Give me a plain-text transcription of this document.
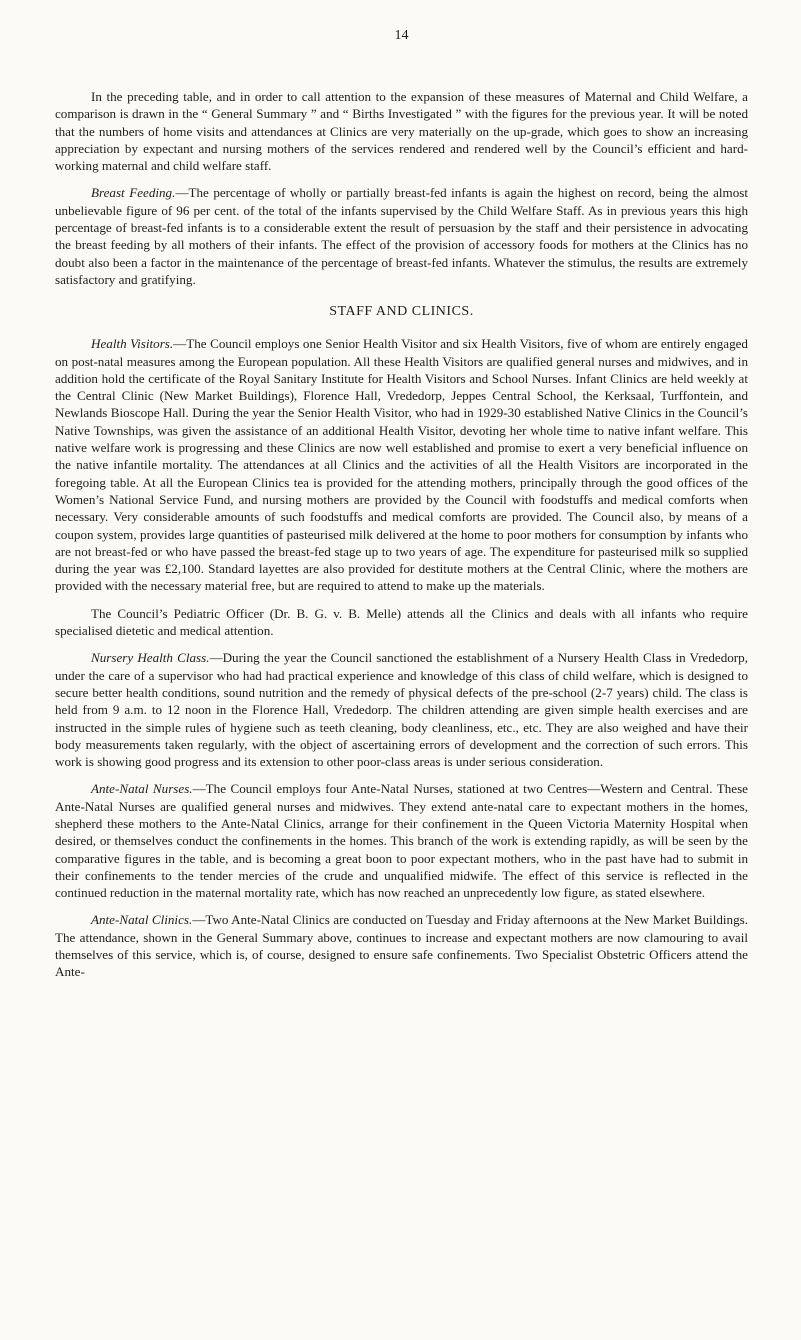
14

In the preceding table, and in order to call attention to the expansion of these measures of Maternal and Child Welfare, a comparison is drawn in the “ General Summary ” and “ Births Investigated ” with the figures for the previous year. It will be noted that the numbers of home visits and attendances at Clinics are very materially on the up-grade, which goes to show an increasing appreciation by expectant and nursing mothers of the services rendered and rendered well by the Council’s efficient and hard-working maternal and child welfare staff.

Breast Feeding.—The percentage of wholly or partially breast-fed infants is again the highest on record, being the almost unbelievable figure of 96 per cent. of the total of the infants supervised by the Child Welfare Staff. As in previous years this high percentage of breast-fed infants is to a considerable extent the result of persuasion by the staff and their persistence in advocating the breast feeding by all mothers of their infants. The effect of the provision of accessory foods for mothers at the Clinics has no doubt also been a factor in the maintenance of the percentage of breast-fed infants. Whatever the stimulus, the results are extremely satisfactory and gratifying.

STAFF AND CLINICS.

Health Visitors.—The Council employs one Senior Health Visitor and six Health Visitors, five of whom are entirely engaged on post-natal measures among the European population. All these Health Visitors are qualified general nurses and midwives, and in addition hold the certificate of the Royal Sanitary Institute for Health Visitors and School Nurses. Infant Clinics are held weekly at the Central Clinic (New Market Buildings), Florence Hall, Vrededorp, Jeppes Central School, the Kerksaal, Turffontein, and Newlands Bioscope Hall. During the year the Senior Health Visitor, who had in 1929-30 established Native Clinics in the Council’s Native Townships, was given the assistance of an additional Health Visitor, devoting her whole time to native infant welfare. This native welfare work is progressing and these Clinics are now well established and promise to exert a very beneficial influence on the native infantile mortality. The attendances at all Clinics and the activities of all the Health Visitors are incorporated in the foregoing table. At all the European Clinics tea is provided for the attending mothers, principally through the good offices of the Women’s National Service Fund, and nursing mothers are provided by the Council with foodstuffs and medical comforts when necessary. Very considerable amounts of such foodstuffs and medical comforts are provided. The Council also, by means of a coupon system, provides large quantities of pasteurised milk delivered at the home to poor mothers for consumption by infants who are not breast-fed or who have passed the breast-fed stage up to two years of age. The expenditure for pasteurised milk so supplied during the year was £2,100. Standard layettes are also provided for destitute mothers at the Central Clinic, where the mothers are provided with the necessary material free, but are required to attend to make up the materials.

The Council’s Pediatric Officer (Dr. B. G. v. B. Melle) attends all the Clinics and deals with all infants who require specialised dietetic and medical attention.

Nursery Health Class.—During the year the Council sanctioned the establishment of a Nursery Health Class in Vrededorp, under the care of a supervisor who had had practical experience and knowledge of this class of child welfare, which is designed to secure better health conditions, sound nutrition and the remedy of physical defects of the pre-school (2-7 years) child. The class is held from 9 a.m. to 12 noon in the Florence Hall, Vrededorp. The children attending are given simple health exercises and are instructed in the simple rules of hygiene such as teeth cleaning, body cleanliness, etc., etc. They are also weighed and have their body measurements taken regularly, with the object of ascertaining errors of development and the correction of such errors. This work is showing good progress and its extension to other poor-class areas is under serious consideration.

Ante-Natal Nurses.—The Council employs four Ante-Natal Nurses, stationed at two Centres—Western and Central. These Ante-Natal Nurses are qualified general nurses and midwives. They extend ante-natal care to expectant mothers in the homes, shepherd these mothers to the Ante-Natal Clinics, arrange for their confinement in the Queen Victoria Maternity Hospital when desired, or themselves conduct the confinements in the homes. This branch of the work is extending rapidly, as will be seen by the comparative figures in the table, and is becoming a great boon to poor expectant mothers, who in the past have had to submit in their confinements to the tender mercies of the crude and unqualified midwife. The effect of this service is reflected in the continued reduction in the maternal mortality rate, which has now reached an unprecedently low figure, as stated elsewhere.

Ante-Natal Clinics.—Two Ante-Natal Clinics are conducted on Tuesday and Friday afternoons at the New Market Buildings. The attendance, shown in the General Summary above, continues to increase and expectant mothers are now clamouring to avail themselves of this service, which is, of course, designed to ensure safe confinements. Two Specialist Obstetric Officers attend the Ante-
